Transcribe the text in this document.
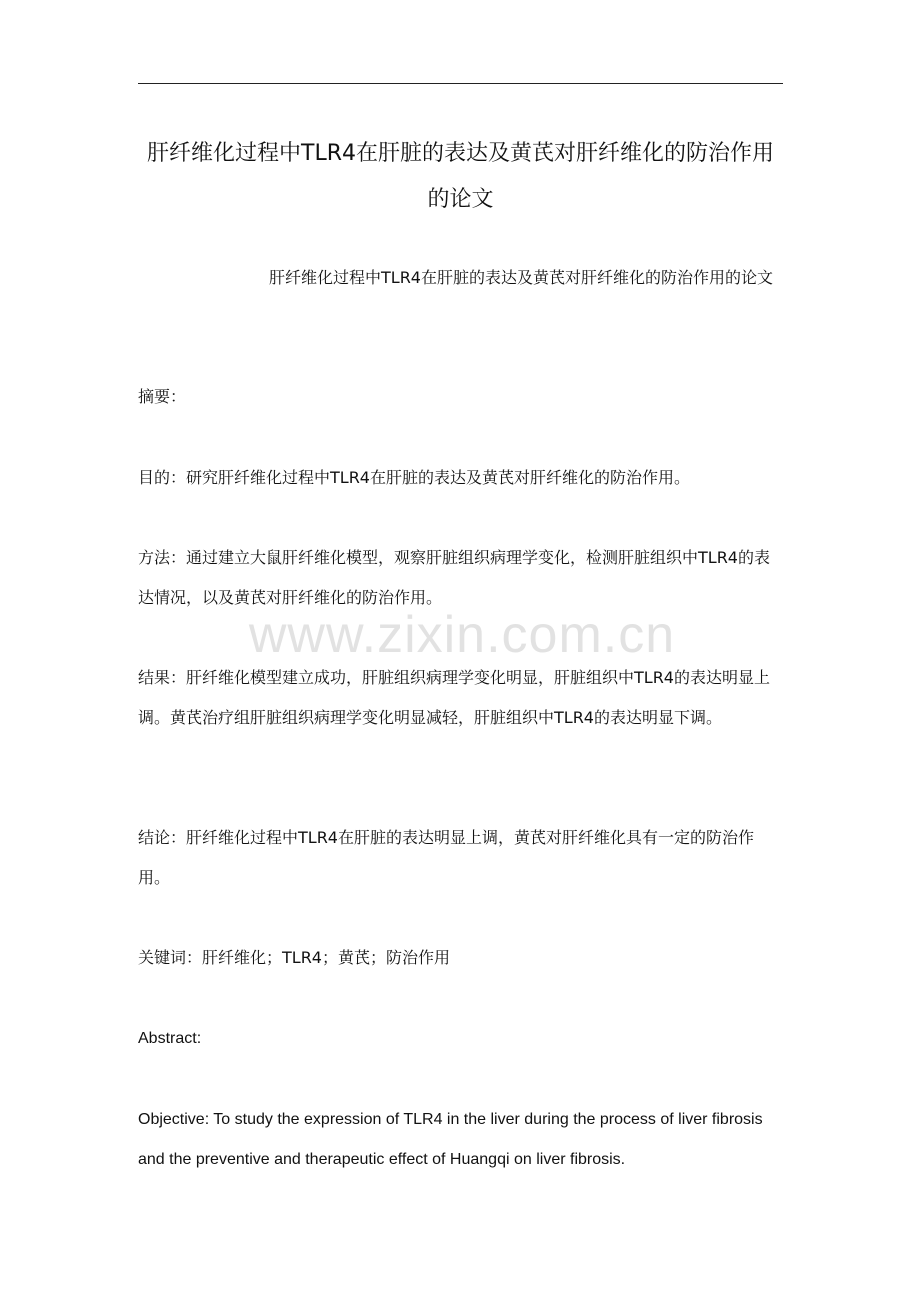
肝纤维化过程中TLR4在肝脏的表达及黄芪对肝纤维化的防治作用的论文

肝纤维化过程中TLR4在肝脏的表达及黄芪对肝纤维化的防治作用的论文

摘要：

目的：研究肝纤维化过程中TLR4在肝脏的表达及黄芪对肝纤维化的防治作用。

方法：通过建立大鼠肝纤维化模型，观察肝脏组织病理学变化，检测肝脏组织中TLR4的表达情况，以及黄芪对肝纤维化的防治作用。

结果：肝纤维化模型建立成功，肝脏组织病理学变化明显，肝脏组织中TLR4的表达明显上调。黄芪治疗组肝脏组织病理学变化明显减轻，肝脏组织中TLR4的表达明显下调。

结论：肝纤维化过程中TLR4在肝脏的表达明显上调，黄芪对肝纤维化具有一定的防治作用。

关键词：肝纤维化；TLR4；黄芪；防治作用

Abstract:

Objective: To study the expression of TLR4 in the liver during the process of liver fibrosis and the preventive and therapeutic effect of Huangqi on liver fibrosis.

www.zixin.com.cn
